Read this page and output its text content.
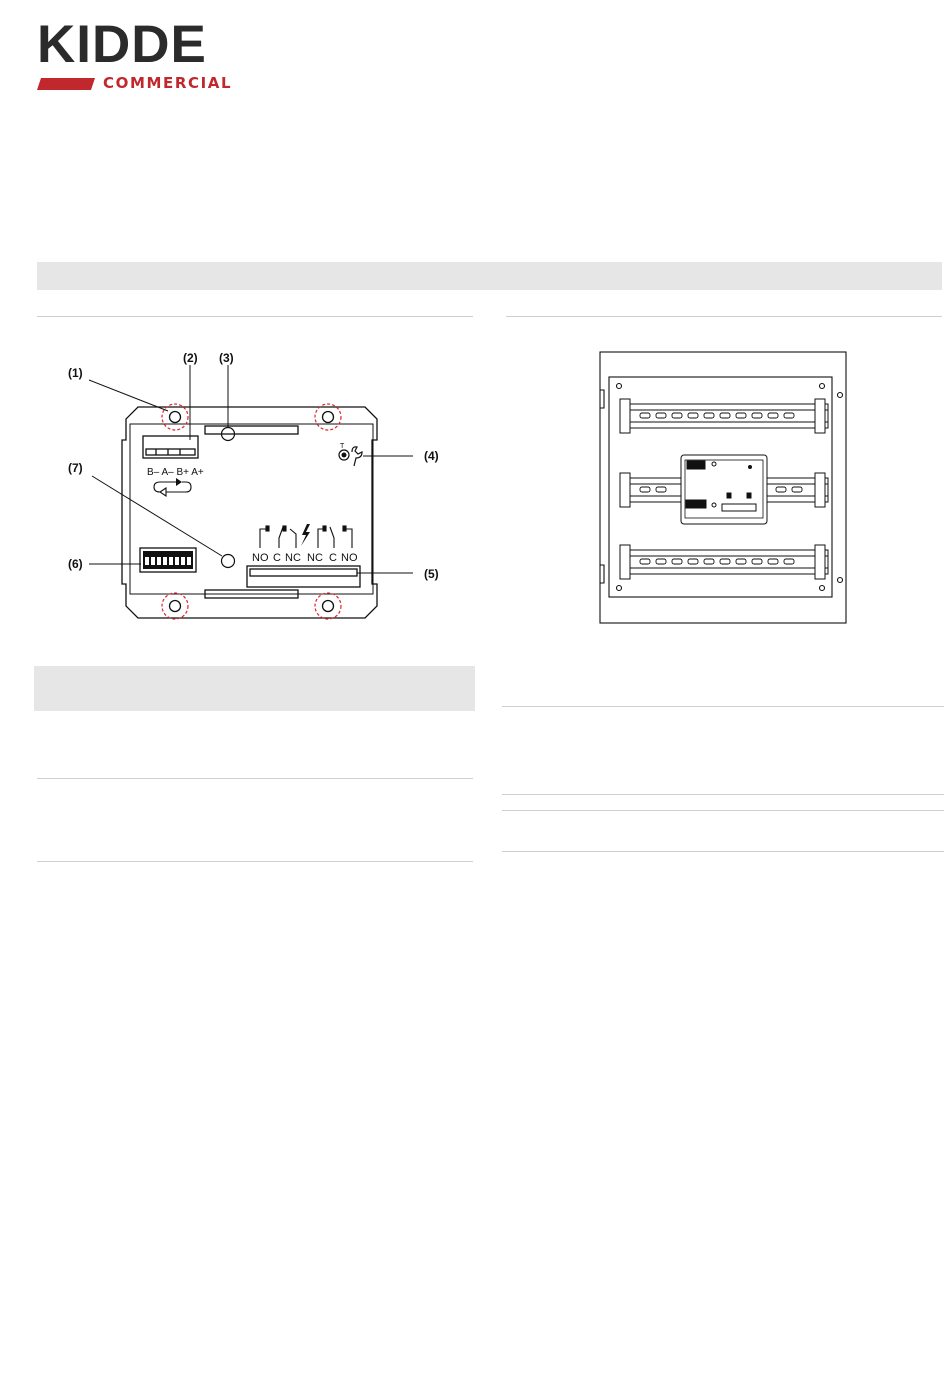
KIDDE
COMMERCIAL
B– A– B+ A+
T
NO C NC NC C NO
(1)
(2) (3)
(4)
(5)
(6)
(7)
